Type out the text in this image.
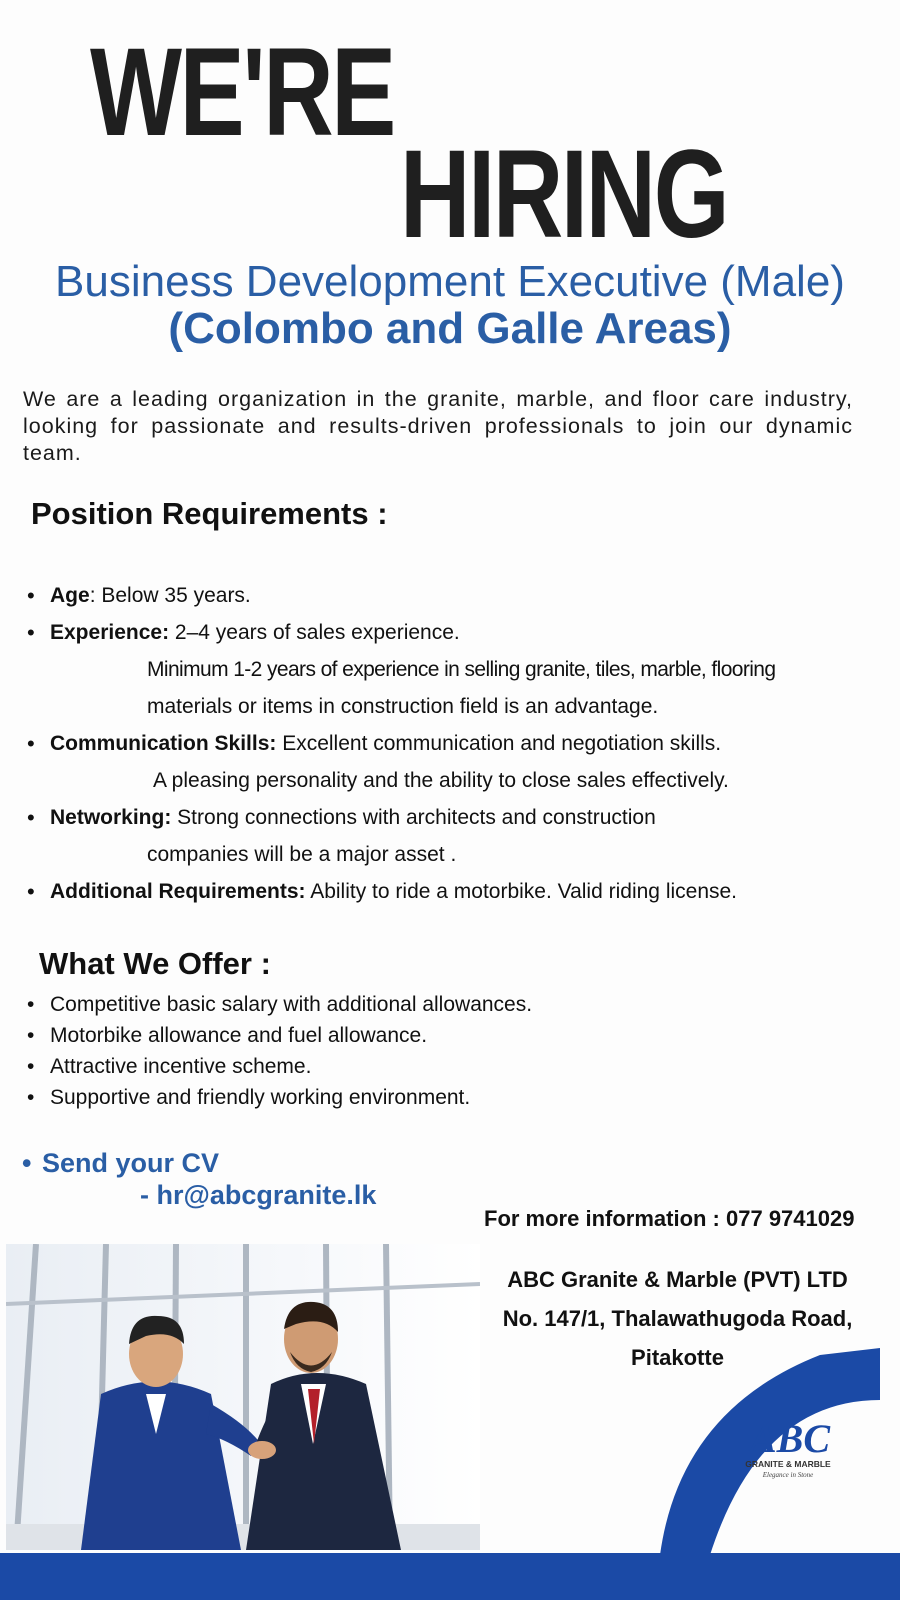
WE'RE
HIRING
Business Development Executive (Male)
(Colombo and Galle Areas)
We are a leading organization in the granite, marble, and floor care industry, looking for passionate and results-driven professionals to join our dynamic team.
Position Requirements :
• Age: Below 35 years.
• Experience: 2–4 years of sales experience.
Minimum 1-2 years of experience in selling granite, tiles, marble, flooring
materials or items in construction field is an advantage.
• Communication Skills: Excellent communication and negotiation skills.
A pleasing personality and the ability to close sales effectively.
• Networking: Strong connections with architects and construction
companies will be a major asset .
• Additional Requirements: Ability to ride a motorbike. Valid riding license.
What We Offer :
• Competitive basic salary with additional allowances.
• Motorbike allowance and fuel allowance.
• Attractive incentive scheme.
• Supportive and friendly working environment.
• Send your CV
- hr@abcgranite.lk
For more information : 077 9741029
ABC Granite & Marble (PVT) LTD
No. 147/1, Thalawathugoda Road,
Pitakotte
ABC
GRANITE & MARBLE
Elegance in Stone
